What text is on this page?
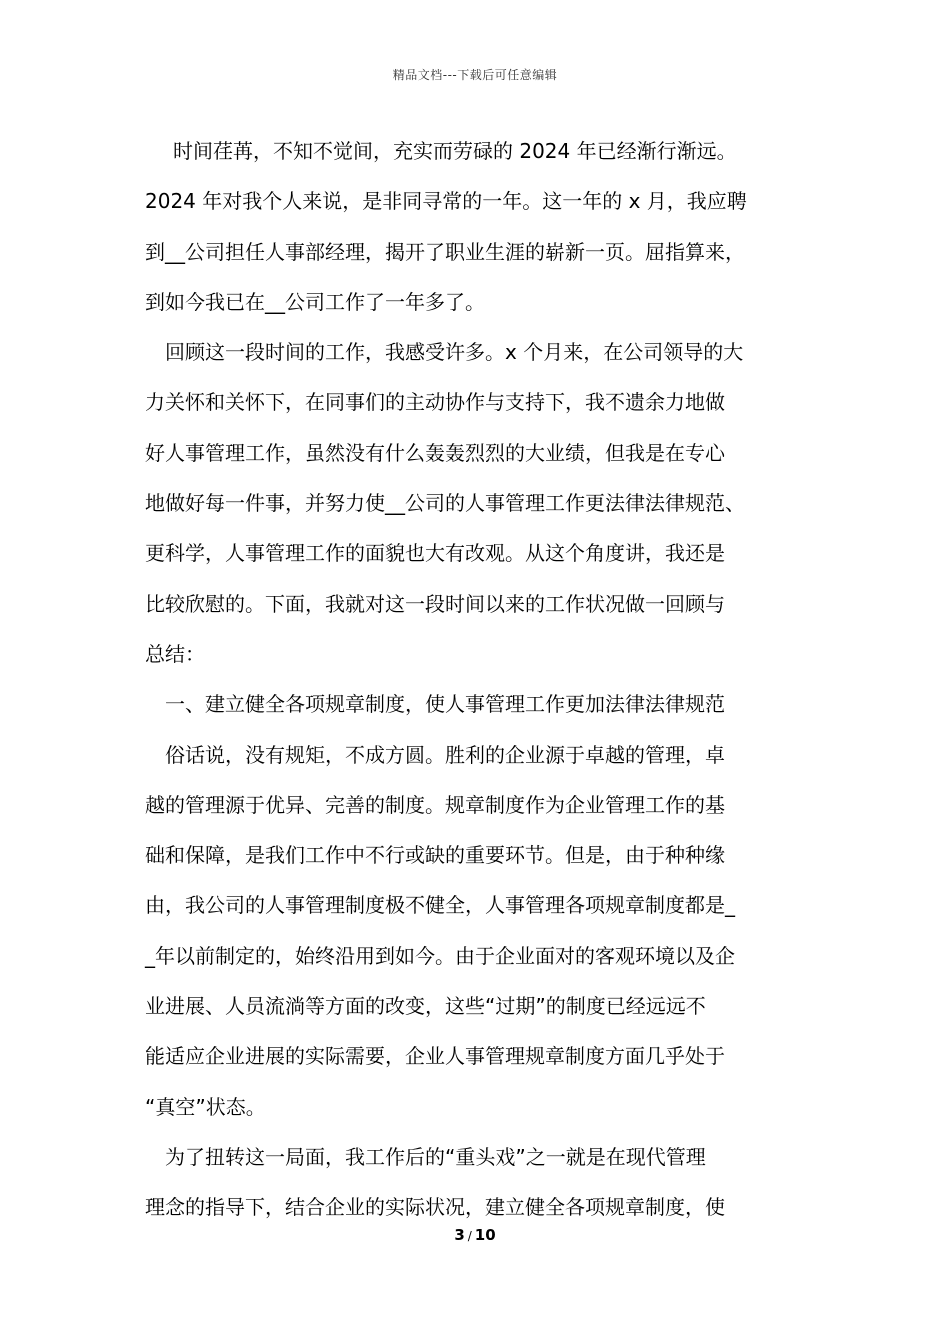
精品文档---下载后可任意编辑
时间荏苒，不知不觉间，充实而劳碌的 2024 年已经渐行渐远。
2024 年对我个人来说，是非同寻常的一年。这一年的 x 月，我应聘
到__公司担任人事部经理，揭开了职业生涯的崭新一页。屈指算来，
到如今我已在__公司工作了一年多了。
回顾这一段时间的工作，我感受许多。x 个月来，在公司领导的大
力关怀和关怀下，在同事们的主动协作与支持下，我不遗余力地做
好人事管理工作，虽然没有什么轰轰烈烈的大业绩，但我是在专心
地做好每一件事，并努力使__公司的人事管理工作更法律法律规范、
更科学，人事管理工作的面貌也大有改观。从这个角度讲，我还是
比较欣慰的。下面，我就对这一段时间以来的工作状况做一回顾与
总结：
一、建立健全各项规章制度，使人事管理工作更加法律法律规范
俗话说，没有规矩，不成方圆。胜利的企业源于卓越的管理，卓
越的管理源于优异、完善的制度。规章制度作为企业管理工作的基
础和保障，是我们工作中不行或缺的重要环节。但是，由于种种缘
由，我公司的人事管理制度极不健全，人事管理各项规章制度都是_
_年以前制定的，始终沿用到如今。由于企业面对的客观环境以及企
业进展、人员流淌等方面的改变，这些“过期”的制度已经远远不
能适应企业进展的实际需要，企业人事管理规章制度方面几乎处于
“真空”状态。
为了扭转这一局面，我工作后的“重头戏”之一就是在现代管理
理念的指导下，结合企业的实际状况，建立健全各项规章制度，使
3 / 10
